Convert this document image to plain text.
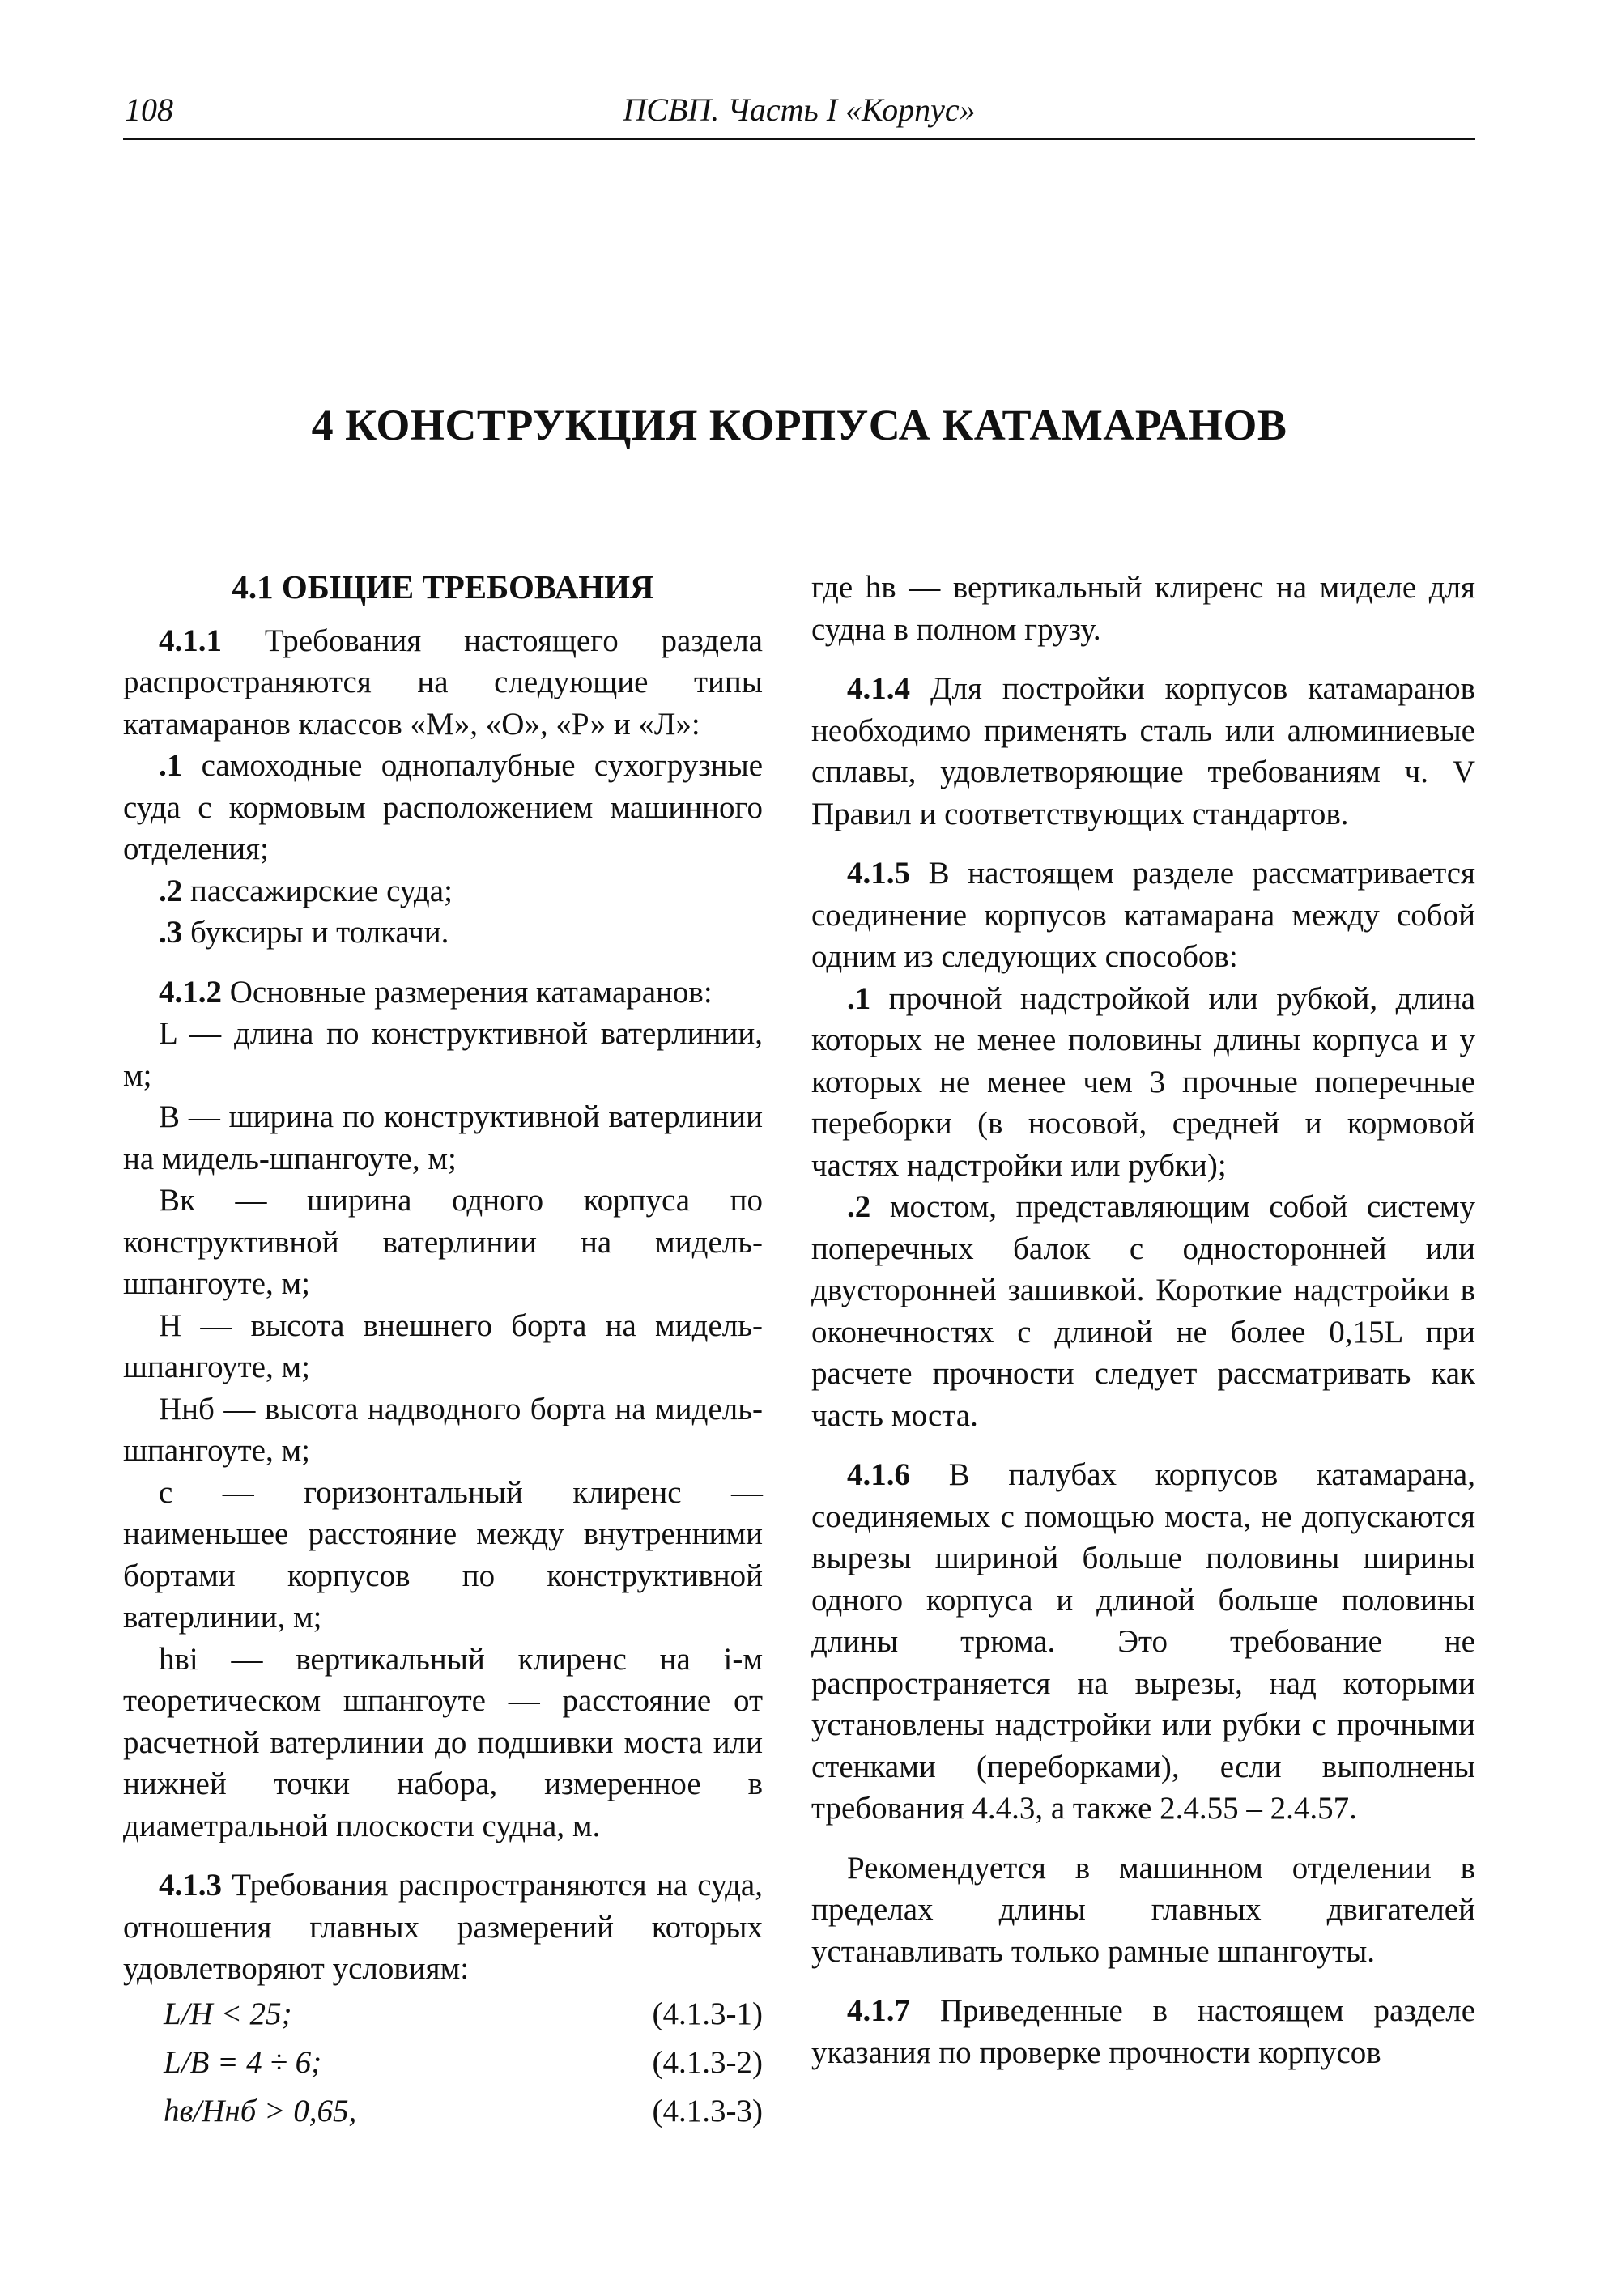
108	ПСВП. Часть I «Корпус»
4 КОНСТРУКЦИЯ КОРПУСА КАТАМАРАНОВ
4.1 ОБЩИЕ ТРЕБОВАНИЯ

4.1.1 Требования настоящего раздела распространяются на следующие типы катамаранов классов «М», «О», «Р» и «Л»:

.1 самоходные однопалубные сухогрузные суда с кормовым расположением машинного отделения;

.2 пассажирские суда;

.3 буксиры и толкачи.

4.1.2 Основные размерения катамаранов:

L — длина по конструктивной ватерлинии, м;

B — ширина по конструктивной ватерлинии на мидель-шпангоуте, м;

Bк — ширина одного корпуса по конструктивной ватерлинии на мидель-шпангоуте, м;

H — высота внешнего борта на мидель-шпангоуте, м;

Hнб — высота надводного борта на мидель-шпангоуте, м;

c — горизонтальный клиренс — наименьшее расстояние между внутренними бортами корпусов по конструктивной ватерлинии, м;

hвi — вертикальный клиренс на i-м теоретическом шпангоуте — расстояние от расчетной ватерлинии до подшивки моста или нижней точки набора, измеренное в диаметральной плоскости судна, м.

4.1.3 Требования распространяются на суда, отношения главных размерений которых удовлетворяют условиям:

L/H < 25;	(4.1.3-1)
L/B = 4 ÷ 6;	(4.1.3-2)
hв/Hнб > 0,65,	(4.1.3-3)

где hв — вертикальный клиренс на миделе для судна в полном грузу.

4.1.4 Для постройки корпусов катамаранов необходимо применять сталь или алюминиевые сплавы, удовлетворяющие требованиям ч. V Правил и соответствующих стандартов.

4.1.5 В настоящем разделе рассматривается соединение корпусов катамарана между собой одним из следующих способов:

.1 прочной надстройкой или рубкой, длина которых не менее половины длины корпуса и у которых не менее чем 3 прочные поперечные переборки (в носовой, средней и кормовой частях надстройки или рубки);

.2 мостом, представляющим собой систему поперечных балок с односторонней или двусторонней зашивкой. Короткие надстройки в оконечностях с длиной не более 0,15L при расчете прочности следует рассматривать как часть моста.

4.1.6 В палубах корпусов катамарана, соединяемых с помощью моста, не допускаются вырезы шириной больше половины ширины одного корпуса и длиной больше половины длины трюма. Это требование не распространяется на вырезы, над которыми установлены надстройки или рубки с прочными стенками (переборками), если выполнены требования 4.4.3, а также 2.4.55 – 2.4.57.

Рекомендуется в машинном отделении в пределах длины главных двигателей устанавливать только рамные шпангоуты.

4.1.7 Приведенные в настоящем разделе указания по проверке прочности корпусов
